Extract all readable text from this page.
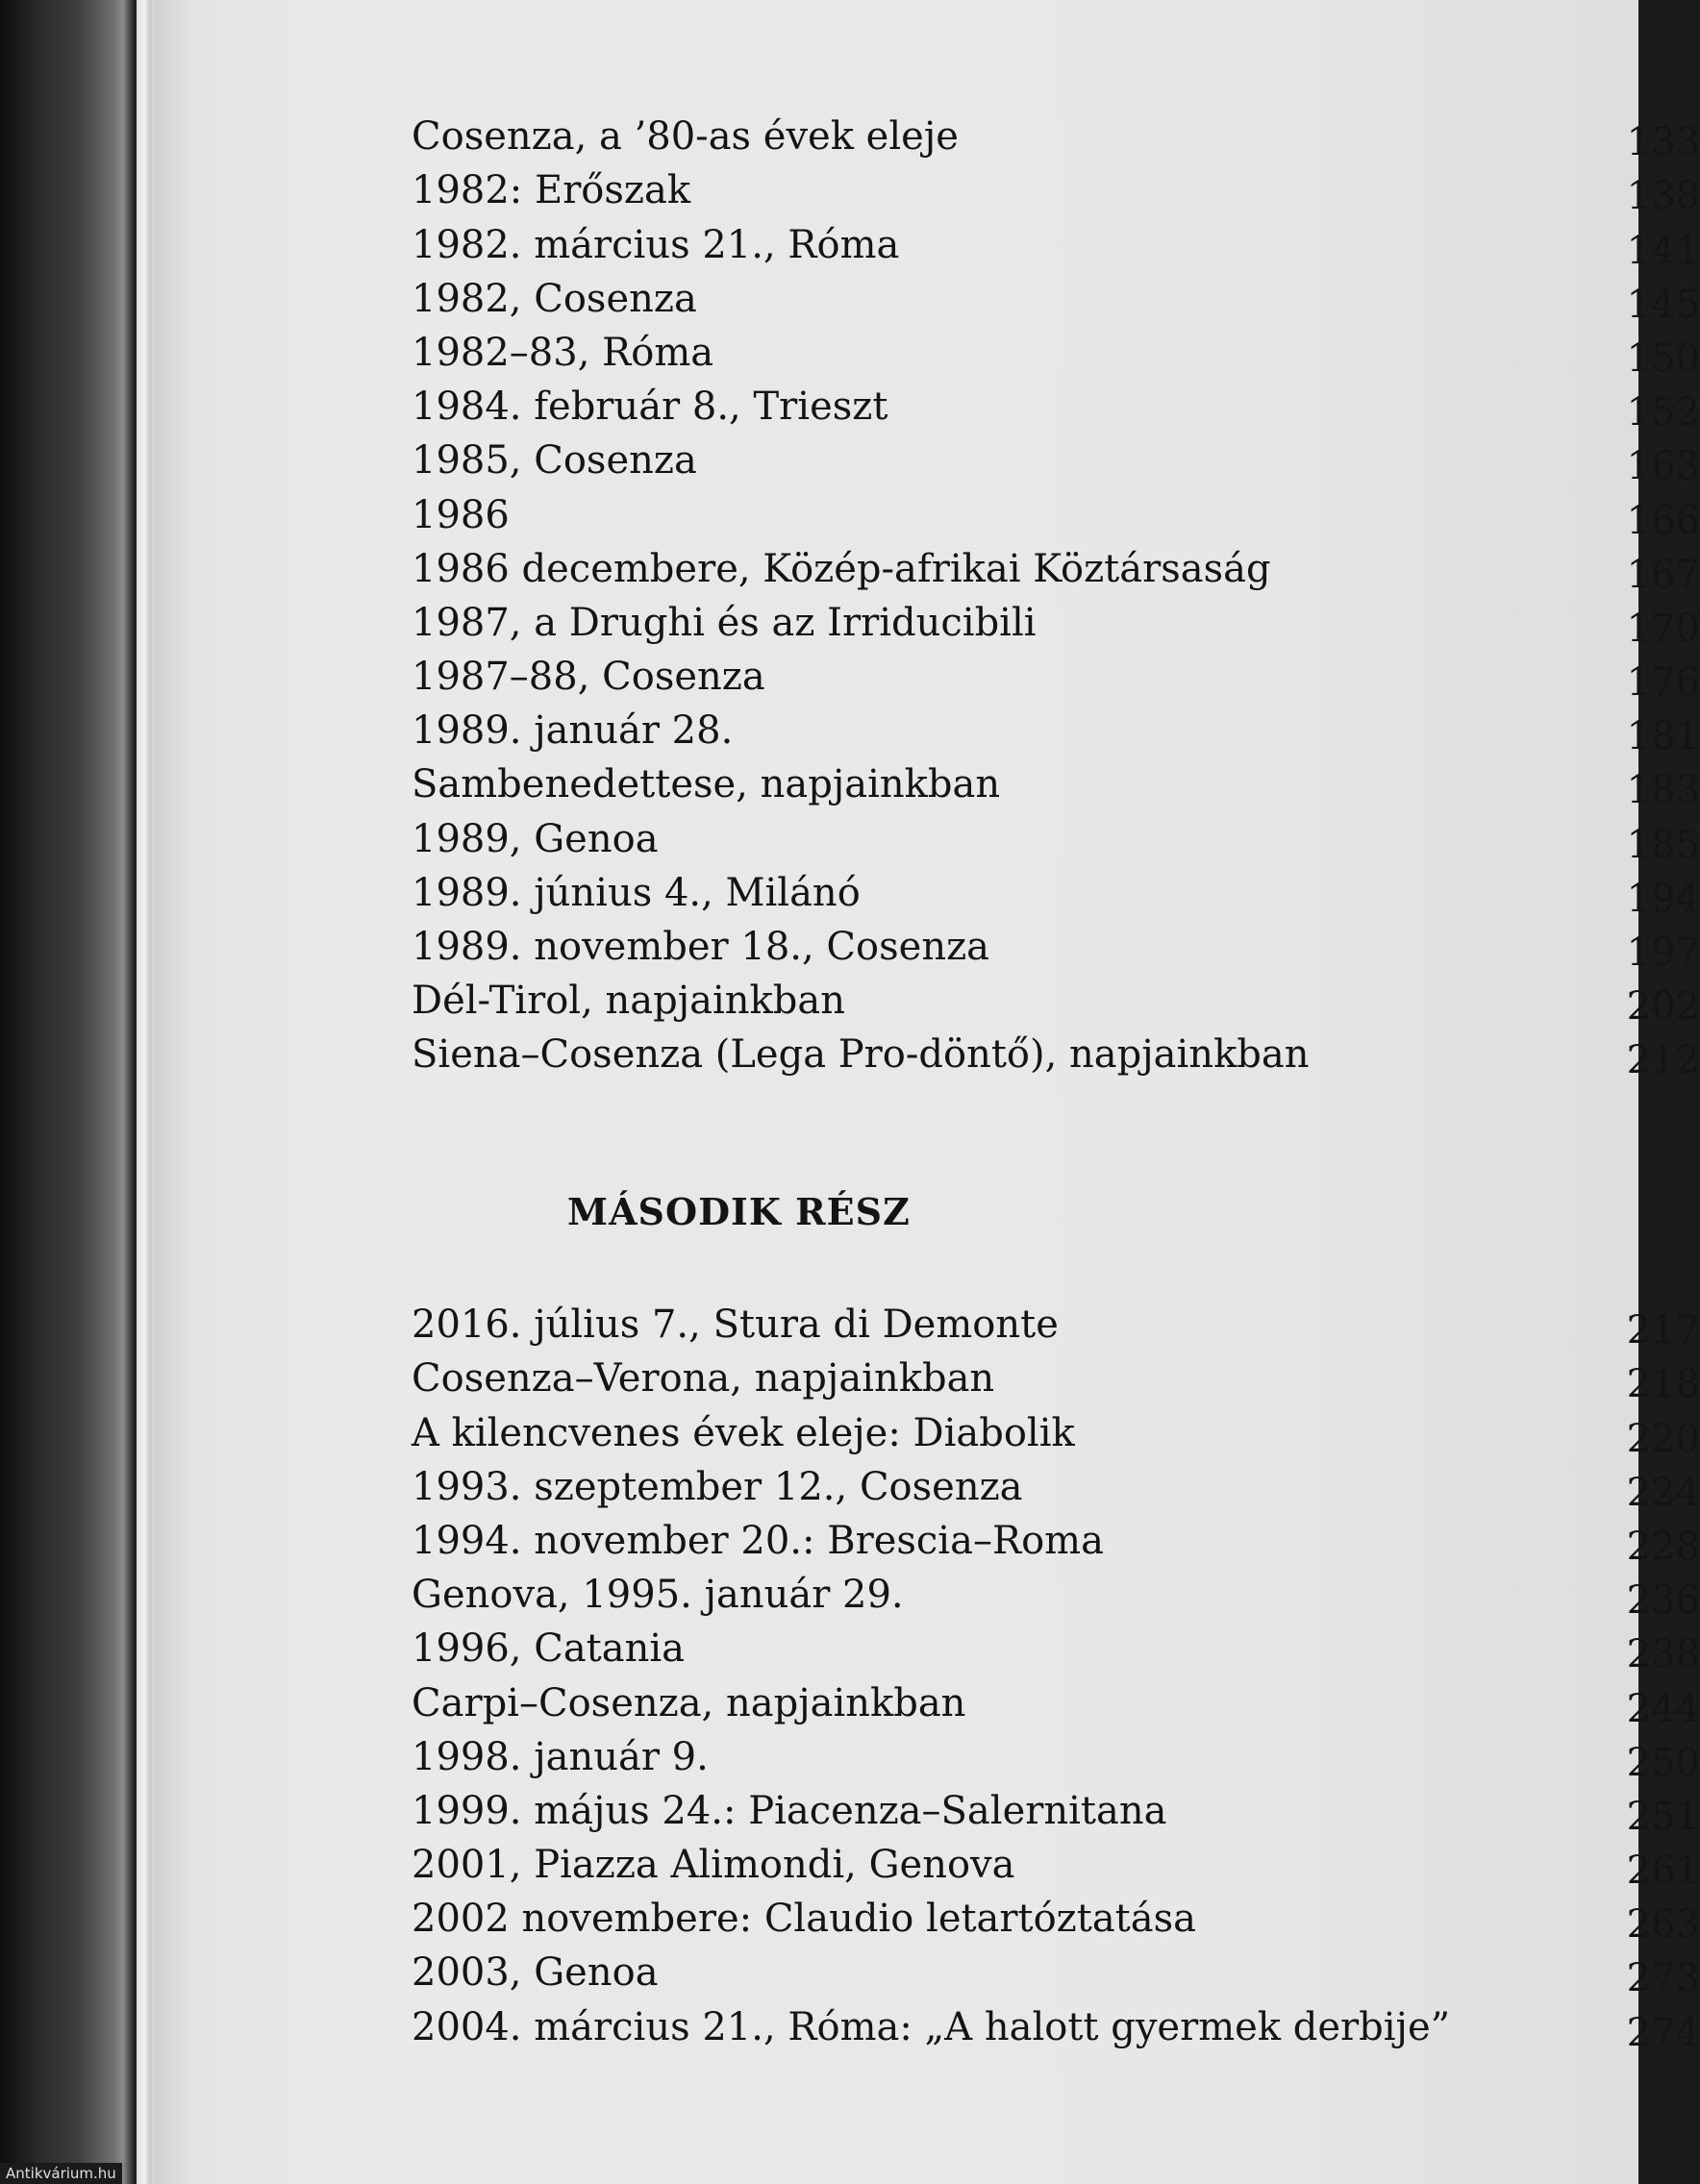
Cosenza, a ’80-as évek eleje	133
1982: Erőszak	138
1982. március 21., Róma	141
1982, Cosenza	145
1982–83, Róma	150
1984. február 8., Trieszt	152
1985, Cosenza	163
1986	166
1986 decembere, Közép-afrikai Köztársaság	167
1987, a Drughi és az Irriducibili	170
1987–88, Cosenza	176
1989. január 28.	181
Sambenedettese, napjainkban	183
1989, Genoa	185
1989. június 4., Milánó	194
1989. november 18., Cosenza	197
Dél-Tirol, napjainkban	202
Siena–Cosenza (Lega Pro-döntő), napjainkban	212
MÁSODIK RÉSZ
2016. július 7., Stura di Demonte	217
Cosenza–Verona, napjainkban	218
A kilencvenes évek eleje: Diabolik	220
1993. szeptember 12., Cosenza	224
1994. november 20.: Brescia–Roma	228
Genova, 1995. január 29.	236
1996, Catania	238
Carpi–Cosenza, napjainkban	244
1998. január 9.	250
1999. május 24.: Piacenza–Salernitana	251
2001, Piazza Alimondi, Genova	261
2002 novembere: Claudio letartóztatása	263
2003, Genoa	273
2004. március 21., Róma: „A halott gyermek derbije”	274
Antikvárium.hu
